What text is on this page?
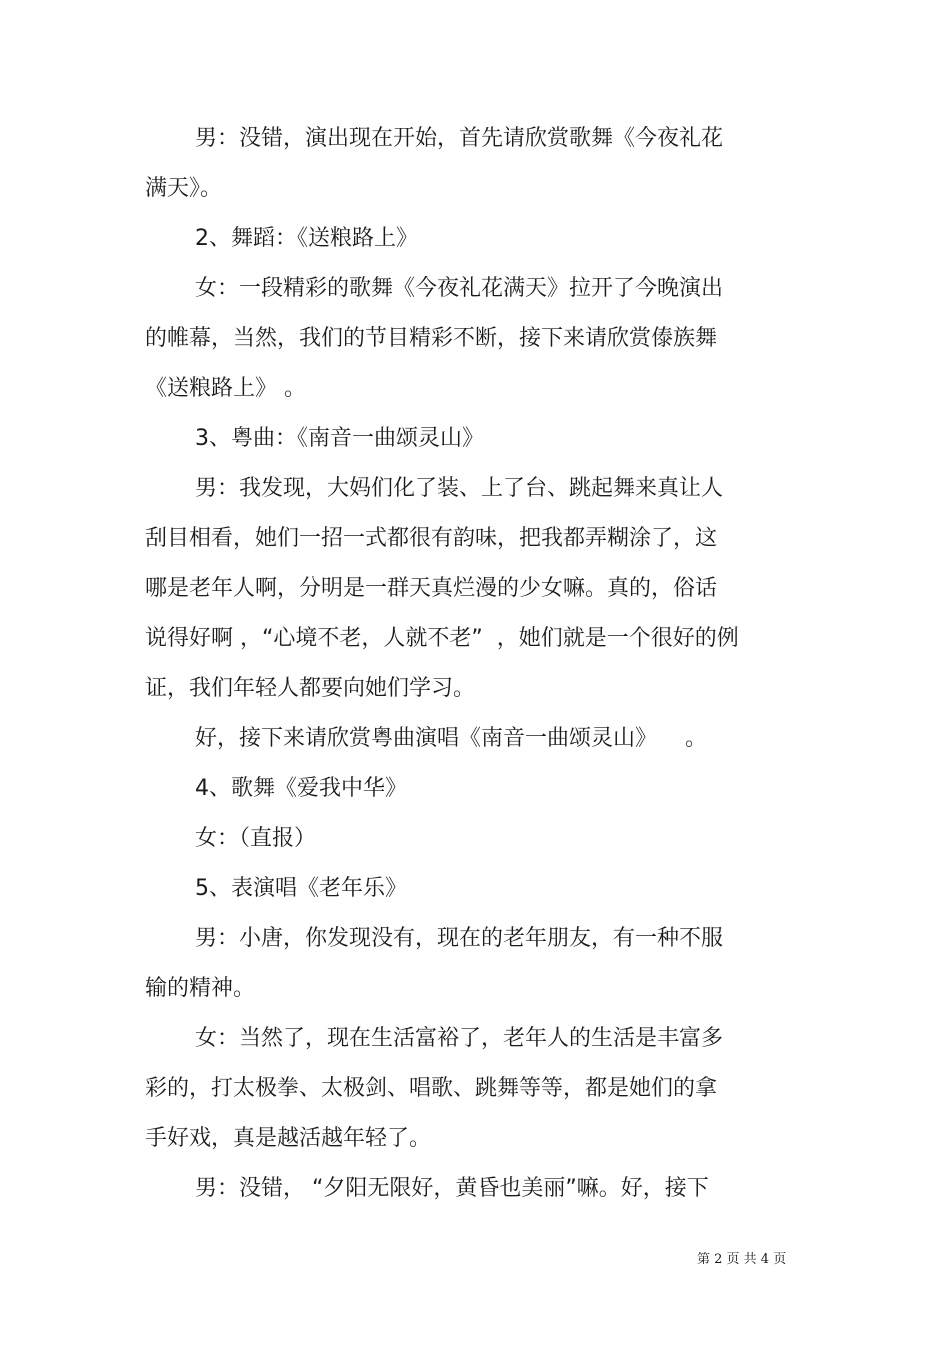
男：没错，演出现在开始，首先请欣赏歌舞《今夜礼花
满天》。
2、舞蹈：《送粮路上》
女：一段精彩的歌舞《今夜礼花满天》拉开了今晚演出
的帷幕，当然，我们的节目精彩不断，接下来请欣赏傣族舞
《送粮路上》 。
3、粤曲：《南音一曲颂灵山》
男：我发现，大妈们化了装、上了台、跳起舞来真让人
刮目相看，她们一招一式都很有韵味，把我都弄糊涂了，这
哪是老年人啊，分明是一群天真烂漫的少女嘛。真的，俗话
说得好啊 ，“心境不老，人就不老”  ，她们就是一个很好的例
证，我们年轻人都要向她们学习。
好，接下来请欣赏粤曲演唱《南音一曲颂灵山》    。
4、歌舞《爱我中华》
女：（直报）
5、表演唱《老年乐》
男：小唐，你发现没有，现在的老年朋友，有一种不服
输的精神。
女：当然了，现在生活富裕了，老年人的生活是丰富多
彩的，打太极拳、太极剑、唱歌、跳舞等等，都是她们的拿
手好戏，真是越活越年轻了。
男：没错， “夕阳无限好，黄昏也美丽”嘛。好，接下
第 2 页 共 4 页
